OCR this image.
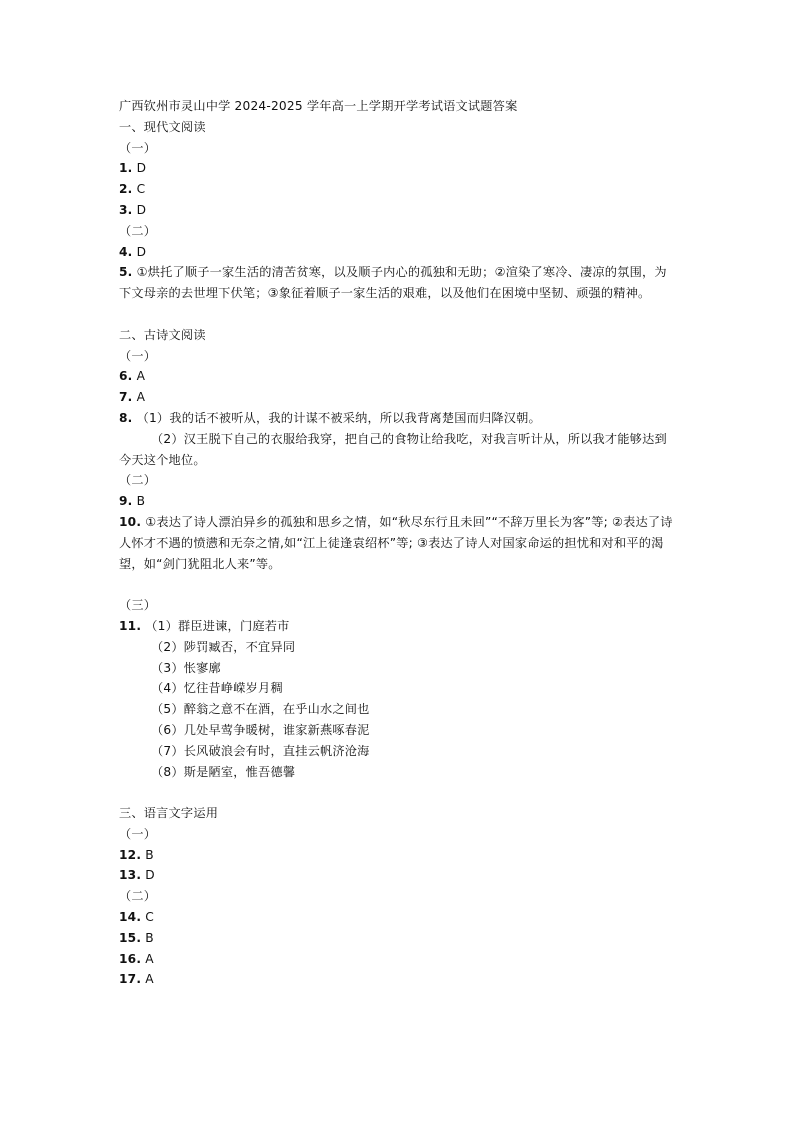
广西钦州市灵山中学 2024-2025 学年高一上学期开学考试语文试题答案
一、现代文阅读
（一）
1. D
2. C
3. D
（二）
4. D
5. ①烘托了顺子一家生活的清苦贫寒，以及顺子内心的孤独和无助；②渲染了寒冷、凄凉的氛围，为下文母亲的去世埋下伏笔；③象征着顺子一家生活的艰难，以及他们在困境中坚韧、顽强的精神。
二、古诗文阅读
（一）
6. A
7. A
8. （1）我的话不被听从，我的计谋不被采纳，所以我背离楚国而归降汉朝。
（2）汉王脱下自己的衣服给我穿，把自己的食物让给我吃，对我言听计从，所以我才能够达到今天这个地位。
（二）
9. B
10. ①表达了诗人漂泊异乡的孤独和思乡之情，如“秋尽东行且未回”“不辞万里长为客”等; ②表达了诗人怀才不遇的愤懑和无奈之情,如“江上徒逢袁绍杯”等; ③表达了诗人对国家命运的担忧和对和平的渴望，如“剑门犹阻北人来”等。
（三）
11. （1）群臣进谏，门庭若市
（2）陟罚臧否，不宜异同
（3）怅寥廓
（4）忆往昔峥嵘岁月稠
（5）醉翁之意不在酒，在乎山水之间也
（6）几处早莺争暖树，谁家新燕啄春泥
（7）长风破浪会有时，直挂云帆济沧海
（8）斯是陋室，惟吾德馨
三、语言文字运用
（一）
12. B
13. D
（二）
14. C
15. B
16. A
17. A
